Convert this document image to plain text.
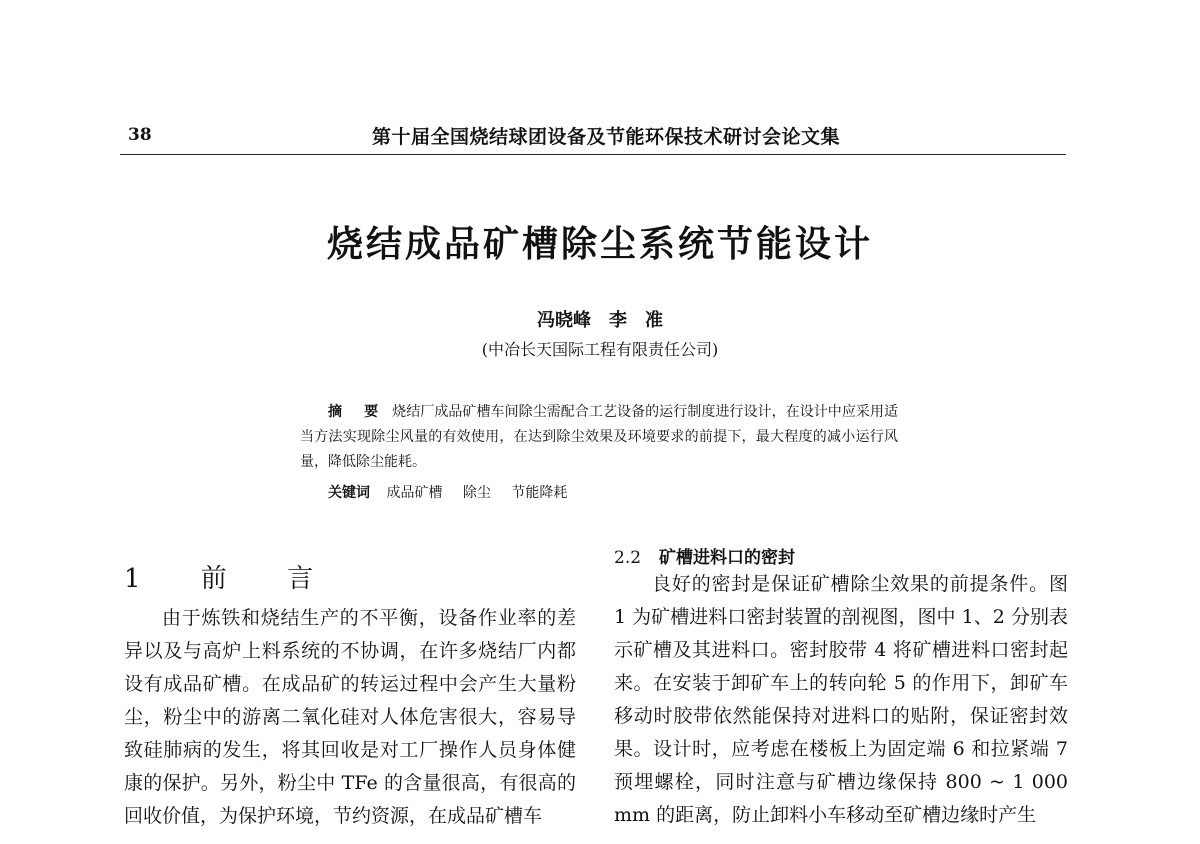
38	第十届全国烧结球团设备及节能环保技术研讨会论文集
烧结成品矿槽除尘系统节能设计
冯晓峰　李　准
(中冶长天国际工程有限责任公司)
摘　要 烧结厂成品矿槽车间除尘需配合工艺设备的运行制度进行设计，在设计中应采用适当方法实现除尘风量的有效使用，在达到除尘效果及环境要求的前提下，最大程度的减小运行风量，降低除尘能耗。
关键词 成品矿槽 除尘 节能降耗
1 前 言

由于炼铁和烧结生产的不平衡，设备作业率的差异以及与高炉上料系统的不协调，在许多烧结厂内都设有成品矿槽。在成品矿的转运过程中会产生大量粉尘，粉尘中的游离二氧化硅对人体危害很大，容易导致硅肺病的发生，将其回收是对工厂操作人员身体健康的保护。另外，粉尘中 TFe 的含量很高，有很高的回收价值，为保护环境，节约资源，在成品矿槽车

2.2 矿槽进料口的密封

良好的密封是保证矿槽除尘效果的前提条件。图 1 为矿槽进料口密封装置的剖视图，图中 1、2 分别表示矿槽及其进料口。密封胶带 4 将矿槽进料口密封起来。在安装于卸矿车上的转向轮 5 的作用下，卸矿车移动时胶带依然能保持对进料口的贴附，保证密封效果。设计时，应考虑在楼板上为固定端 6 和拉紧端 7 预埋螺栓，同时注意与矿槽边缘保持 800 ~ 1 000 mm 的距离，防止卸料小车移动至矿槽边缘时产生
